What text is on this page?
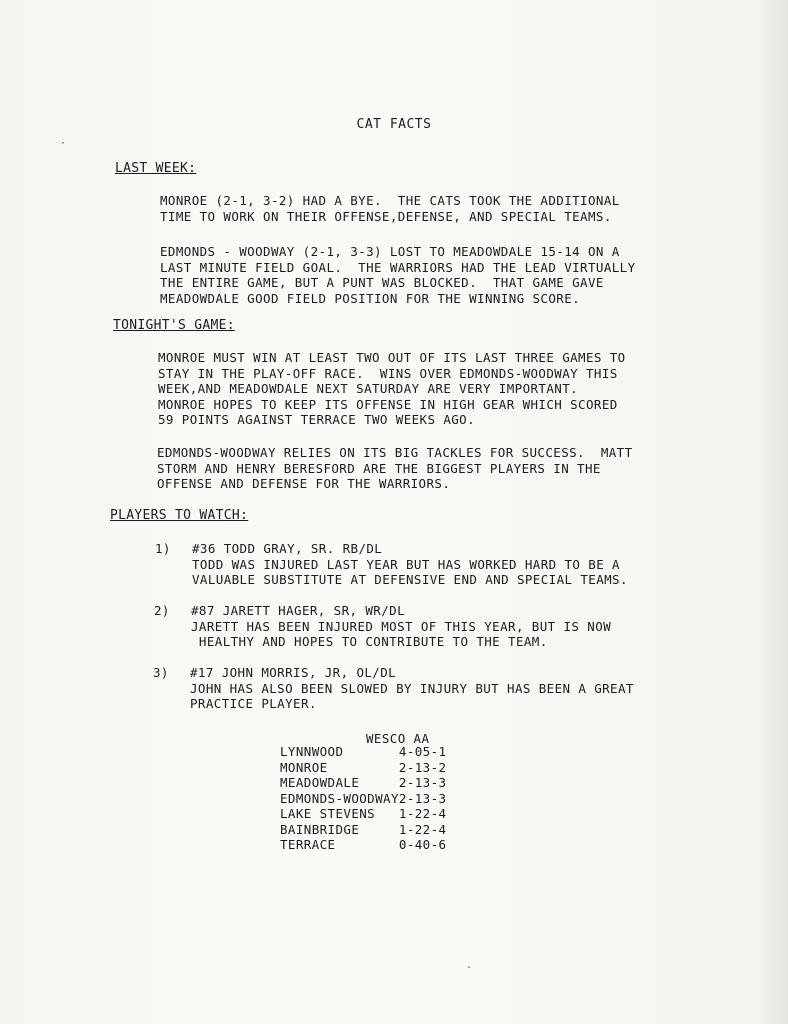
CAT FACTS
LAST WEEK:
MONROE (2-1, 3-2) HAD A BYE.  THE CATS TOOK THE ADDITIONAL
TIME TO WORK ON THEIR OFFENSE,DEFENSE, AND SPECIAL TEAMS.
EDMONDS - WOODWAY (2-1, 3-3) LOST TO MEADOWDALE 15-14 ON A
LAST MINUTE FIELD GOAL.  THE WARRIORS HAD THE LEAD VIRTUALLY
THE ENTIRE GAME, BUT A PUNT WAS BLOCKED.  THAT GAME GAVE
MEADOWDALE GOOD FIELD POSITION FOR THE WINNING SCORE.
TONIGHT'S GAME:
MONROE MUST WIN AT LEAST TWO OUT OF ITS LAST THREE GAMES TO
STAY IN THE PLAY-OFF RACE.  WINS OVER EDMONDS-WOODWAY THIS
WEEK,AND MEADOWDALE NEXT SATURDAY ARE VERY IMPORTANT.
MONROE HOPES TO KEEP ITS OFFENSE IN HIGH GEAR WHICH SCORED
59 POINTS AGAINST TERRACE TWO WEEKS AGO.
EDMONDS-WOODWAY RELIES ON ITS BIG TACKLES FOR SUCCESS.  MATT
STORM AND HENRY BERESFORD ARE THE BIGGEST PLAYERS IN THE
OFFENSE AND DEFENSE FOR THE WARRIORS.
PLAYERS TO WATCH:
1) #36 TODD GRAY, SR. RB/DL
TODD WAS INJURED LAST YEAR BUT HAS WORKED HARD TO BE A
VALUABLE SUBSTITUTE AT DEFENSIVE END AND SPECIAL TEAMS.
2) #87 JARETT HAGER, SR, WR/DL
JARETT HAS BEEN INJURED MOST OF THIS YEAR, BUT IS NOW
HEALTHY AND HOPES TO CONTRIBUTE TO THE TEAM.
3) #17 JOHN MORRIS, JR, OL/DL
JOHN HAS ALSO BEEN SLOWED BY INJURY BUT HAS BEEN A GREAT
PRACTICE PLAYER.
WESCO AA
LYNNWOOD	4-0	5-1
MONROE	2-1	3-2
MEADOWDALE	2-1	3-3
EDMONDS-WOODWAY	2-1	3-3
LAKE STEVENS	1-2	2-4
BAINBRIDGE	1-2	2-4
TERRACE	0-4	0-6
·
-
